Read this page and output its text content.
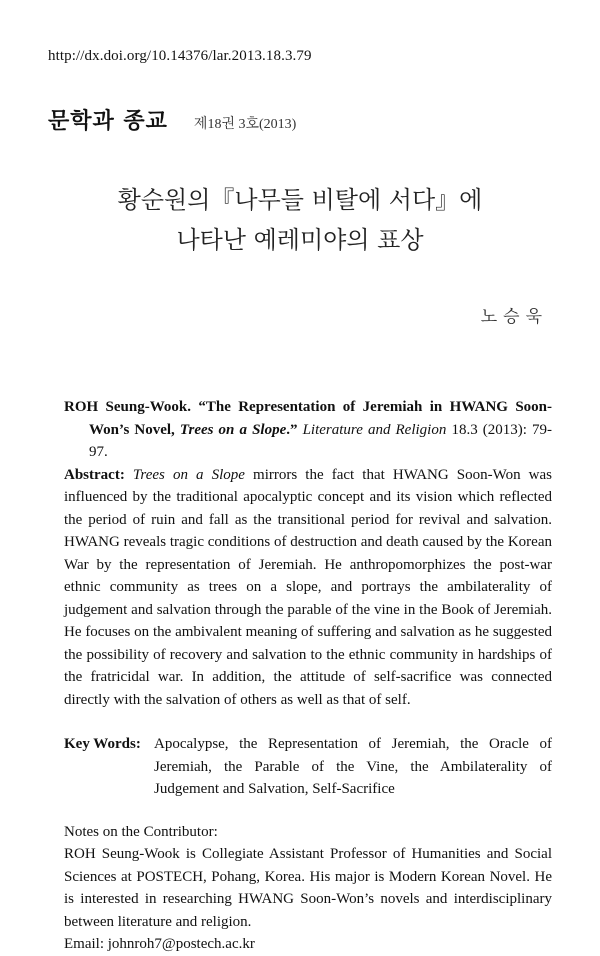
http://dx.doi.org/10.14376/lar.2013.18.3.79
문학과 종교 제18권 3호(2013)
황순원의『나무들 비탈에 서다』에
나타난 예레미야의 표상
노승욱

ROH Seung-Wook. “The Representation of Jeremiah in HWANG Soon-Won’s Novel, Trees on a Slope.” Literature and Religion 18.3 (2013): 79-97.

Abstract: Trees on a Slope mirrors the fact that HWANG Soon-Won was influenced by the traditional apocalyptic concept and its vision which reflected the period of ruin and fall as the transitional period for revival and salvation. HWANG reveals tragic conditions of destruction and death caused by the Korean War by the representation of Jeremiah. He anthropomorphizes the post-war ethnic community as trees on a slope, and portrays the ambilaterality of judgement and salvation through the parable of the vine in the Book of Jeremiah. He focuses on the ambivalent meaning of suffering and salvation as he suggested the possibility of recovery and salvation to the ethnic community in hardships of the fratricidal war. In addition, the attitude of self-sacrifice was connected directly with the salvation of others as well as that of self.

Key Words: Apocalypse, the Representation of Jeremiah, the Oracle of Jeremiah, the Parable of the Vine, the Ambilaterality of Judgement and Salvation, Self-Sacrifice

Notes on the Contributor:

ROH Seung-Wook is Collegiate Assistant Professor of Humanities and Social Sciences at POSTECH, Pohang, Korea. His major is Modern Korean Novel. He is interested in researching HWANG Soon-Won’s novels and interdisciplinary between literature and religion.

Email: johnroh7@postech.ac.kr
